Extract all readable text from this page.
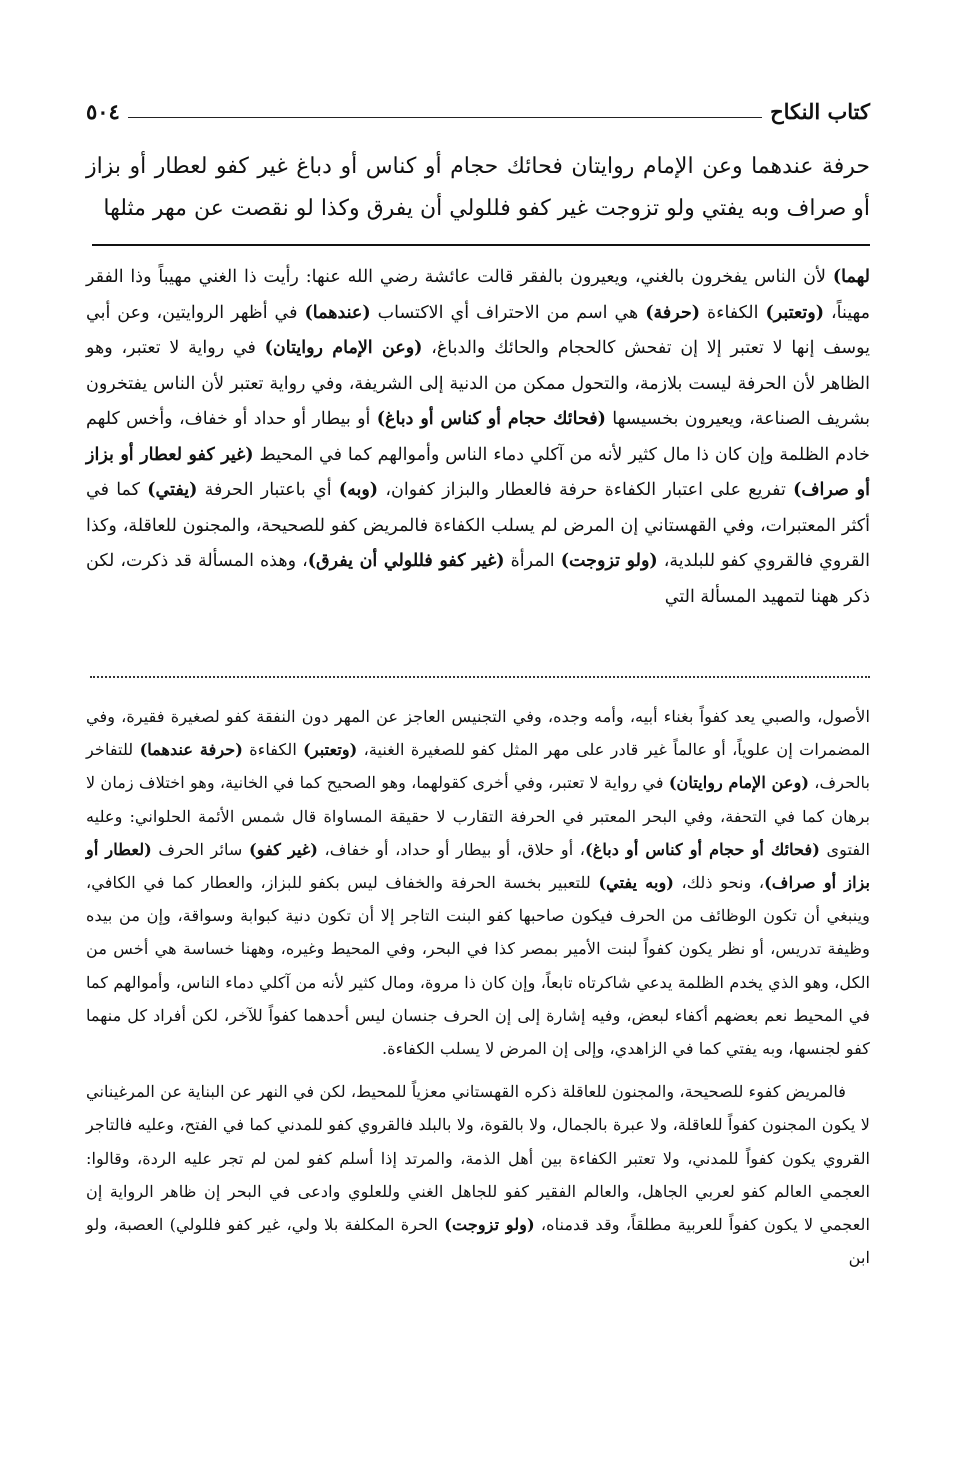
كتاب النكاح
٥٠٤
حرفة عندهما وعن الإمام روايتان فحائك حجام أو كناس أو دباغ غير كفو لعطار أو بزاز أو صراف وبه يفتي ولو تزوجت غير كفو فللولي أن يفرق وكذا لو نقصت عن مهر مثلها
لهما) لأن الناس يفخرون بالغني، ويعيرون بالفقر قالت عائشة رضي الله عنها: رأيت ذا الغني مهيباً وذا الفقر مهيناً، (وتعتبر) الكفاءة (حرفة) هي اسم من الاحتراف أي الاكتساب (عندهما) في أظهر الروايتين، وعن أبي يوسف إنها لا تعتبر إلا إن تفحش كالحجام والحائك والدباغ، (وعن الإمام روايتان) في رواية لا تعتبر، وهو الظاهر لأن الحرفة ليست بلازمة، والتحول ممكن من الدنية إلى الشريفة، وفي رواية تعتبر لأن الناس يفتخرون بشريف الصناعة، ويعيرون بخسيسها (فحائك حجام أو كناس أو دباغ) أو بيطار أو حداد أو خفاف، وأخس كلهم خادم الظلمة وإن كان ذا مال كثير لأنه من آكلي دماء الناس وأموالهم كما في المحيط (غير كفو لعطار أو بزاز أو صراف) تفريع على اعتبار الكفاءة حرفة فالعطار والبزاز كفوان، (وبه) أي باعتبار الحرفة (يفتي) كما في أكثر المعتبرات، وفي القهستاني إن المرض لم يسلب الكفاءة فالمريض كفو للصحيحة، والمجنون للعاقلة، وكذا القروي فالقروي كفو للبلدية، (ولو تزوجت) المرأة (غير كفو فللولي أن يفرق)، وهذه المسألة قد ذكرت، لكن ذكر ههنا لتمهيد المسألة التي

الأصول، والصبي يعد كفواً بغناء أبيه، وأمه وجده، وفي التجنيس العاجز عن المهر دون النفقة كفو لصغيرة فقيرة، وفي المضمرات إن علوياً، أو عالماً غير قادر على مهر المثل كفو للصغيرة الغنية، (وتعتبر) الكفاءة (حرفة عندهما) للتفاخر بالحرف، (وعن الإمام روايتان) في رواية لا تعتبر، وفي أخرى كقولهما، وهو الصحيح كما في الخانية، وهو اختلاف زمان لا برهان كما في التحفة، وفي البحر المعتبر في الحرفة التقارب لا حقيقة المساواة قال شمس الأئمة الحلواني: وعليه الفتوى (فحائك أو حجام أو كناس أو دباغ)، أو حلاق، أو بيطار أو حداد، أو خفاف، (غير كفو) سائر الحرف (لعطار أو بزاز أو صراف)، ونحو ذلك، (وبه يفتي) للتعبير بخسة الحرفة والخفاف ليس بكفو للبزاز، والعطار كما في الكافي، وينبغي أن تكون الوظائف من الحرف فيكون صاحبها كفو البنت التاجر إلا أن تكون دنية كبوابة وسواقة، وإن من بيده وظيفة تدريس، أو نظر يكون كفواً لبنت الأمير بمصر كذا في البحر، وفي المحيط وغيره، وههنا خساسة هي أخس من الكل، وهو الذي يخدم الظلمة يدعي شاكرتاه تابعاً، وإن كان ذا مروة، ومال كثير لأنه من آكلي دماء الناس، وأموالهم كما في المحيط نعم بعضهم أكفاء لبعض، وفيه إشارة إلى إن الحرف جنسان ليس أحدهما كفواً للآخر، لكن أفراد كل منهما كفو لجنسها، وبه يفتي كما في الزاهدي، وإلى إن المرض لا يسلب الكفاءة.

فالمريض كفوء للصحيحة، والمجنون للعاقلة ذكره القهستاني معزياً للمحيط، لكن في النهر عن البناية عن المرغيناني لا يكون المجنون كفواً للعاقلة، ولا عبرة بالجمال، ولا بالقوة، ولا بالبلد فالقروي كفو للمدني كما في الفتح، وعليه فالتاجر القروي يكون كفواً للمدني، ولا تعتبر الكفاءة بين أهل الذمة، والمرتد إذا أسلم كفو لمن لم تجر عليه الردة، وقالوا: العجمي العالم كفو لعربي الجاهل، والعالم الفقير كفو للجاهل الغني وللعلوي وادعى في البحر إن ظاهر الرواية إن العجمي لا يكون كفواً للعربية مطلقاً، وقد قدمناه، (ولو تزوجت) الحرة المكلفة بلا ولي، غير كفو فللولي) العصبة، ولو ابن
